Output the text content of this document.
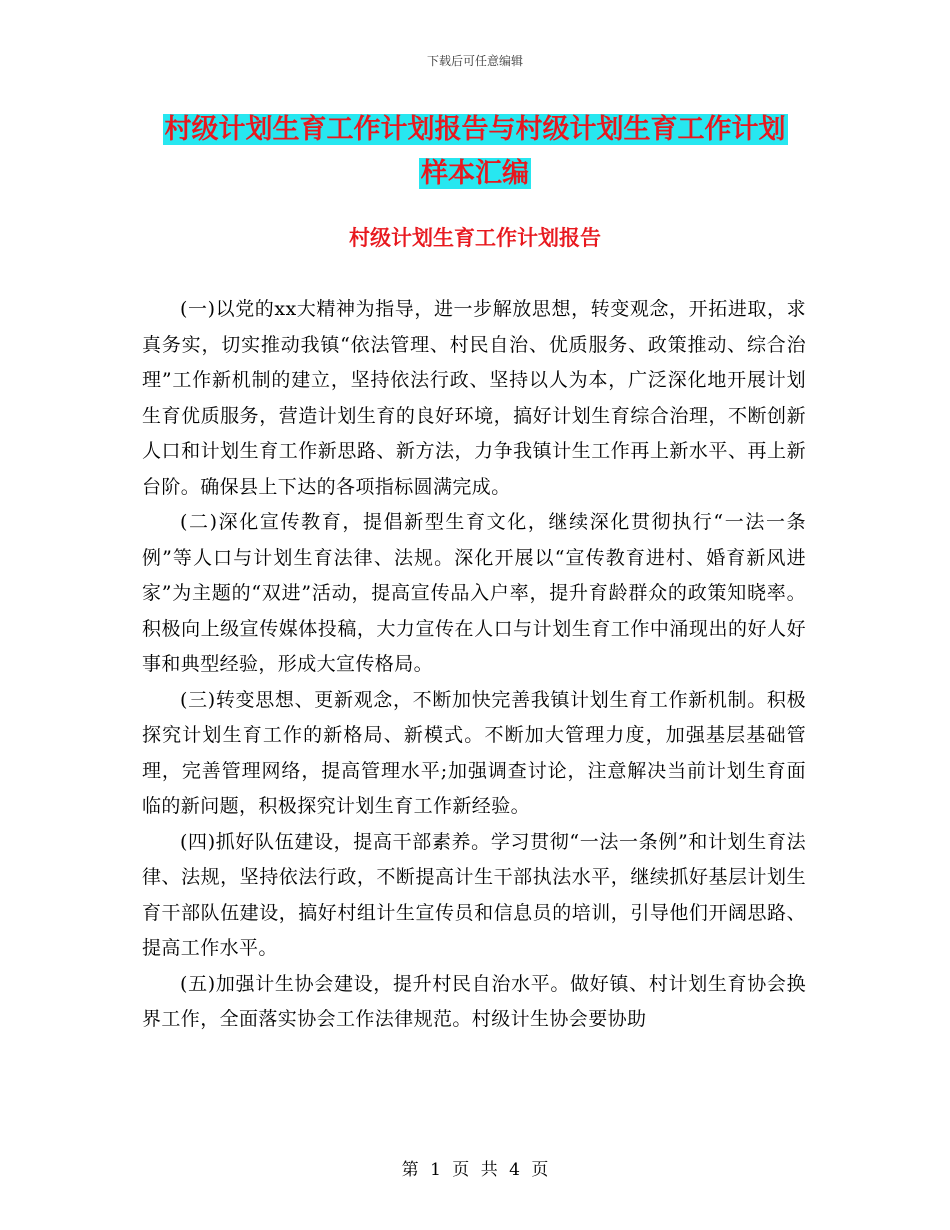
下载后可任意编辑
村级计划生育工作计划报告与村级计划生育工作计划
样本汇编
村级计划生育工作计划报告

(一)以党的xx大精神为指导，进一步解放思想，转变观念，开拓进取，求真务实，切实推动我镇“依法管理、村民自治、优质服务、政策推动、综合治理”工作新机制的建立，坚持依法行政、坚持以人为本，广泛深化地开展计划生育优质服务，营造计划生育的良好环境，搞好计划生育综合治理，不断创新人口和计划生育工作新思路、新方法，力争我镇计生工作再上新水平、再上新台阶。确保县上下达的各项指标圆满完成。

(二)深化宣传教育，提倡新型生育文化，继续深化贯彻执行“一法一条例”等人口与计划生育法律、法规。深化开展以“宣传教育进村、婚育新风进家”为主题的“双进”活动，提高宣传品入户率，提升育龄群众的政策知晓率。积极向上级宣传媒体投稿，大力宣传在人口与计划生育工作中涌现出的好人好事和典型经验，形成大宣传格局。

(三)转变思想、更新观念，不断加快完善我镇计划生育工作新机制。积极探究计划生育工作的新格局、新模式。不断加大管理力度，加强基层基础管理，完善管理网络，提高管理水平;加强调查讨论，注意解决当前计划生育面临的新问题，积极探究计划生育工作新经验。

(四)抓好队伍建设，提高干部素养。学习贯彻“一法一条例”和计划生育法律、法规，坚持依法行政，不断提高计生干部执法水平，继续抓好基层计划生育干部队伍建设，搞好村组计生宣传员和信息员的培训，引导他们开阔思路、提高工作水平。

(五)加强计生协会建设，提升村民自治水平。做好镇、村计划生育协会换界工作，全面落实协会工作法律规范。村级计生协会要协助

第 1 页 共 4 页
